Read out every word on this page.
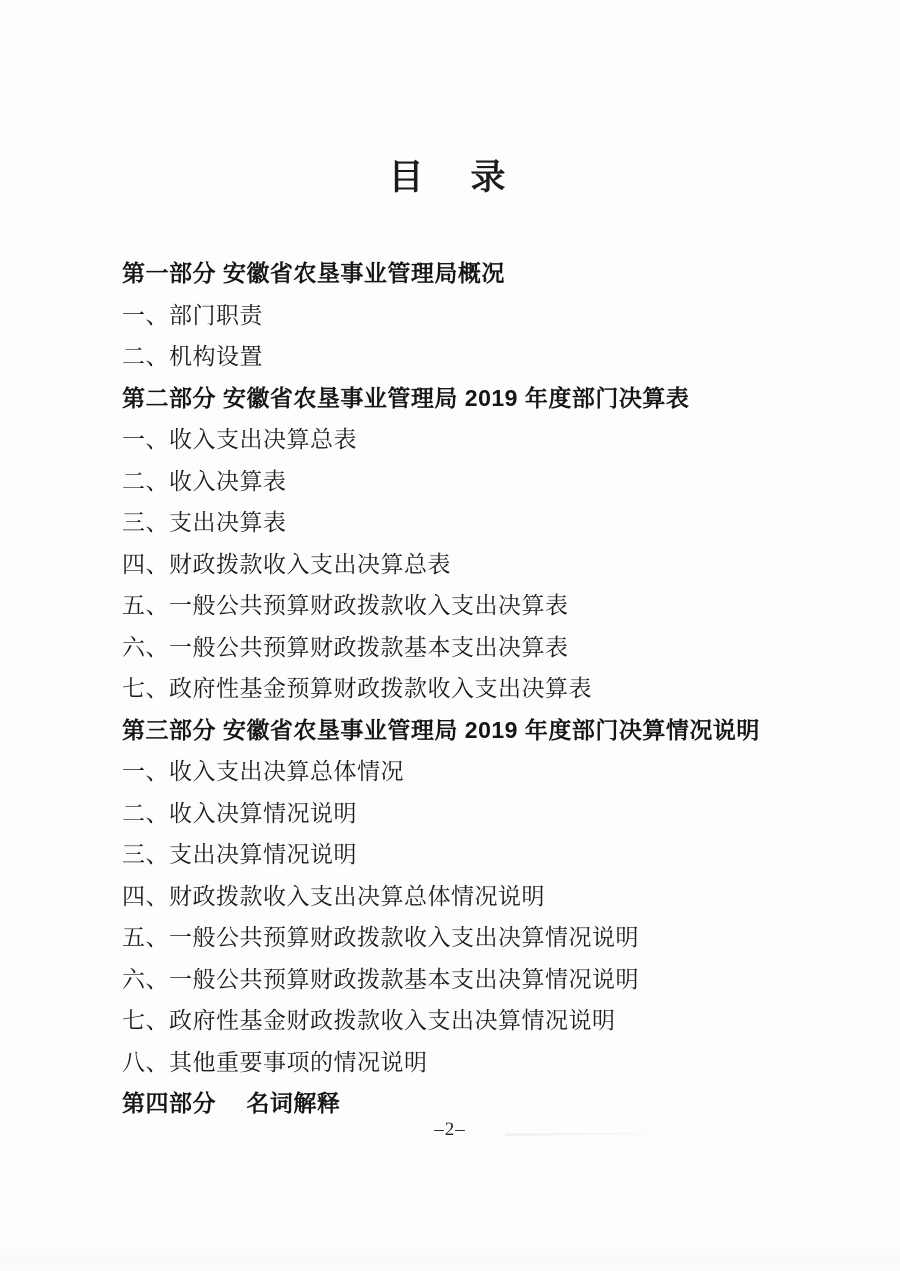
目　录
第一部分 安徽省农垦事业管理局概况
一、部门职责
二、机构设置
第二部分 安徽省农垦事业管理局 2019 年度部门决算表
一、收入支出决算总表
二、收入决算表
三、支出决算表
四、财政拨款收入支出决算总表
五、一般公共预算财政拨款收入支出决算表
六、一般公共预算财政拨款基本支出决算表
七、政府性基金预算财政拨款收入支出决算表
第三部分 安徽省农垦事业管理局 2019 年度部门决算情况说明
一、收入支出决算总体情况
二、收入决算情况说明
三、支出决算情况说明
四、财政拨款收入支出决算总体情况说明
五、一般公共预算财政拨款收入支出决算情况说明
六、一般公共预算财政拨款基本支出决算情况说明
七、政府性基金财政拨款收入支出决算情况说明
八、其他重要事项的情况说明
第四部分　 名词解释
–2–
